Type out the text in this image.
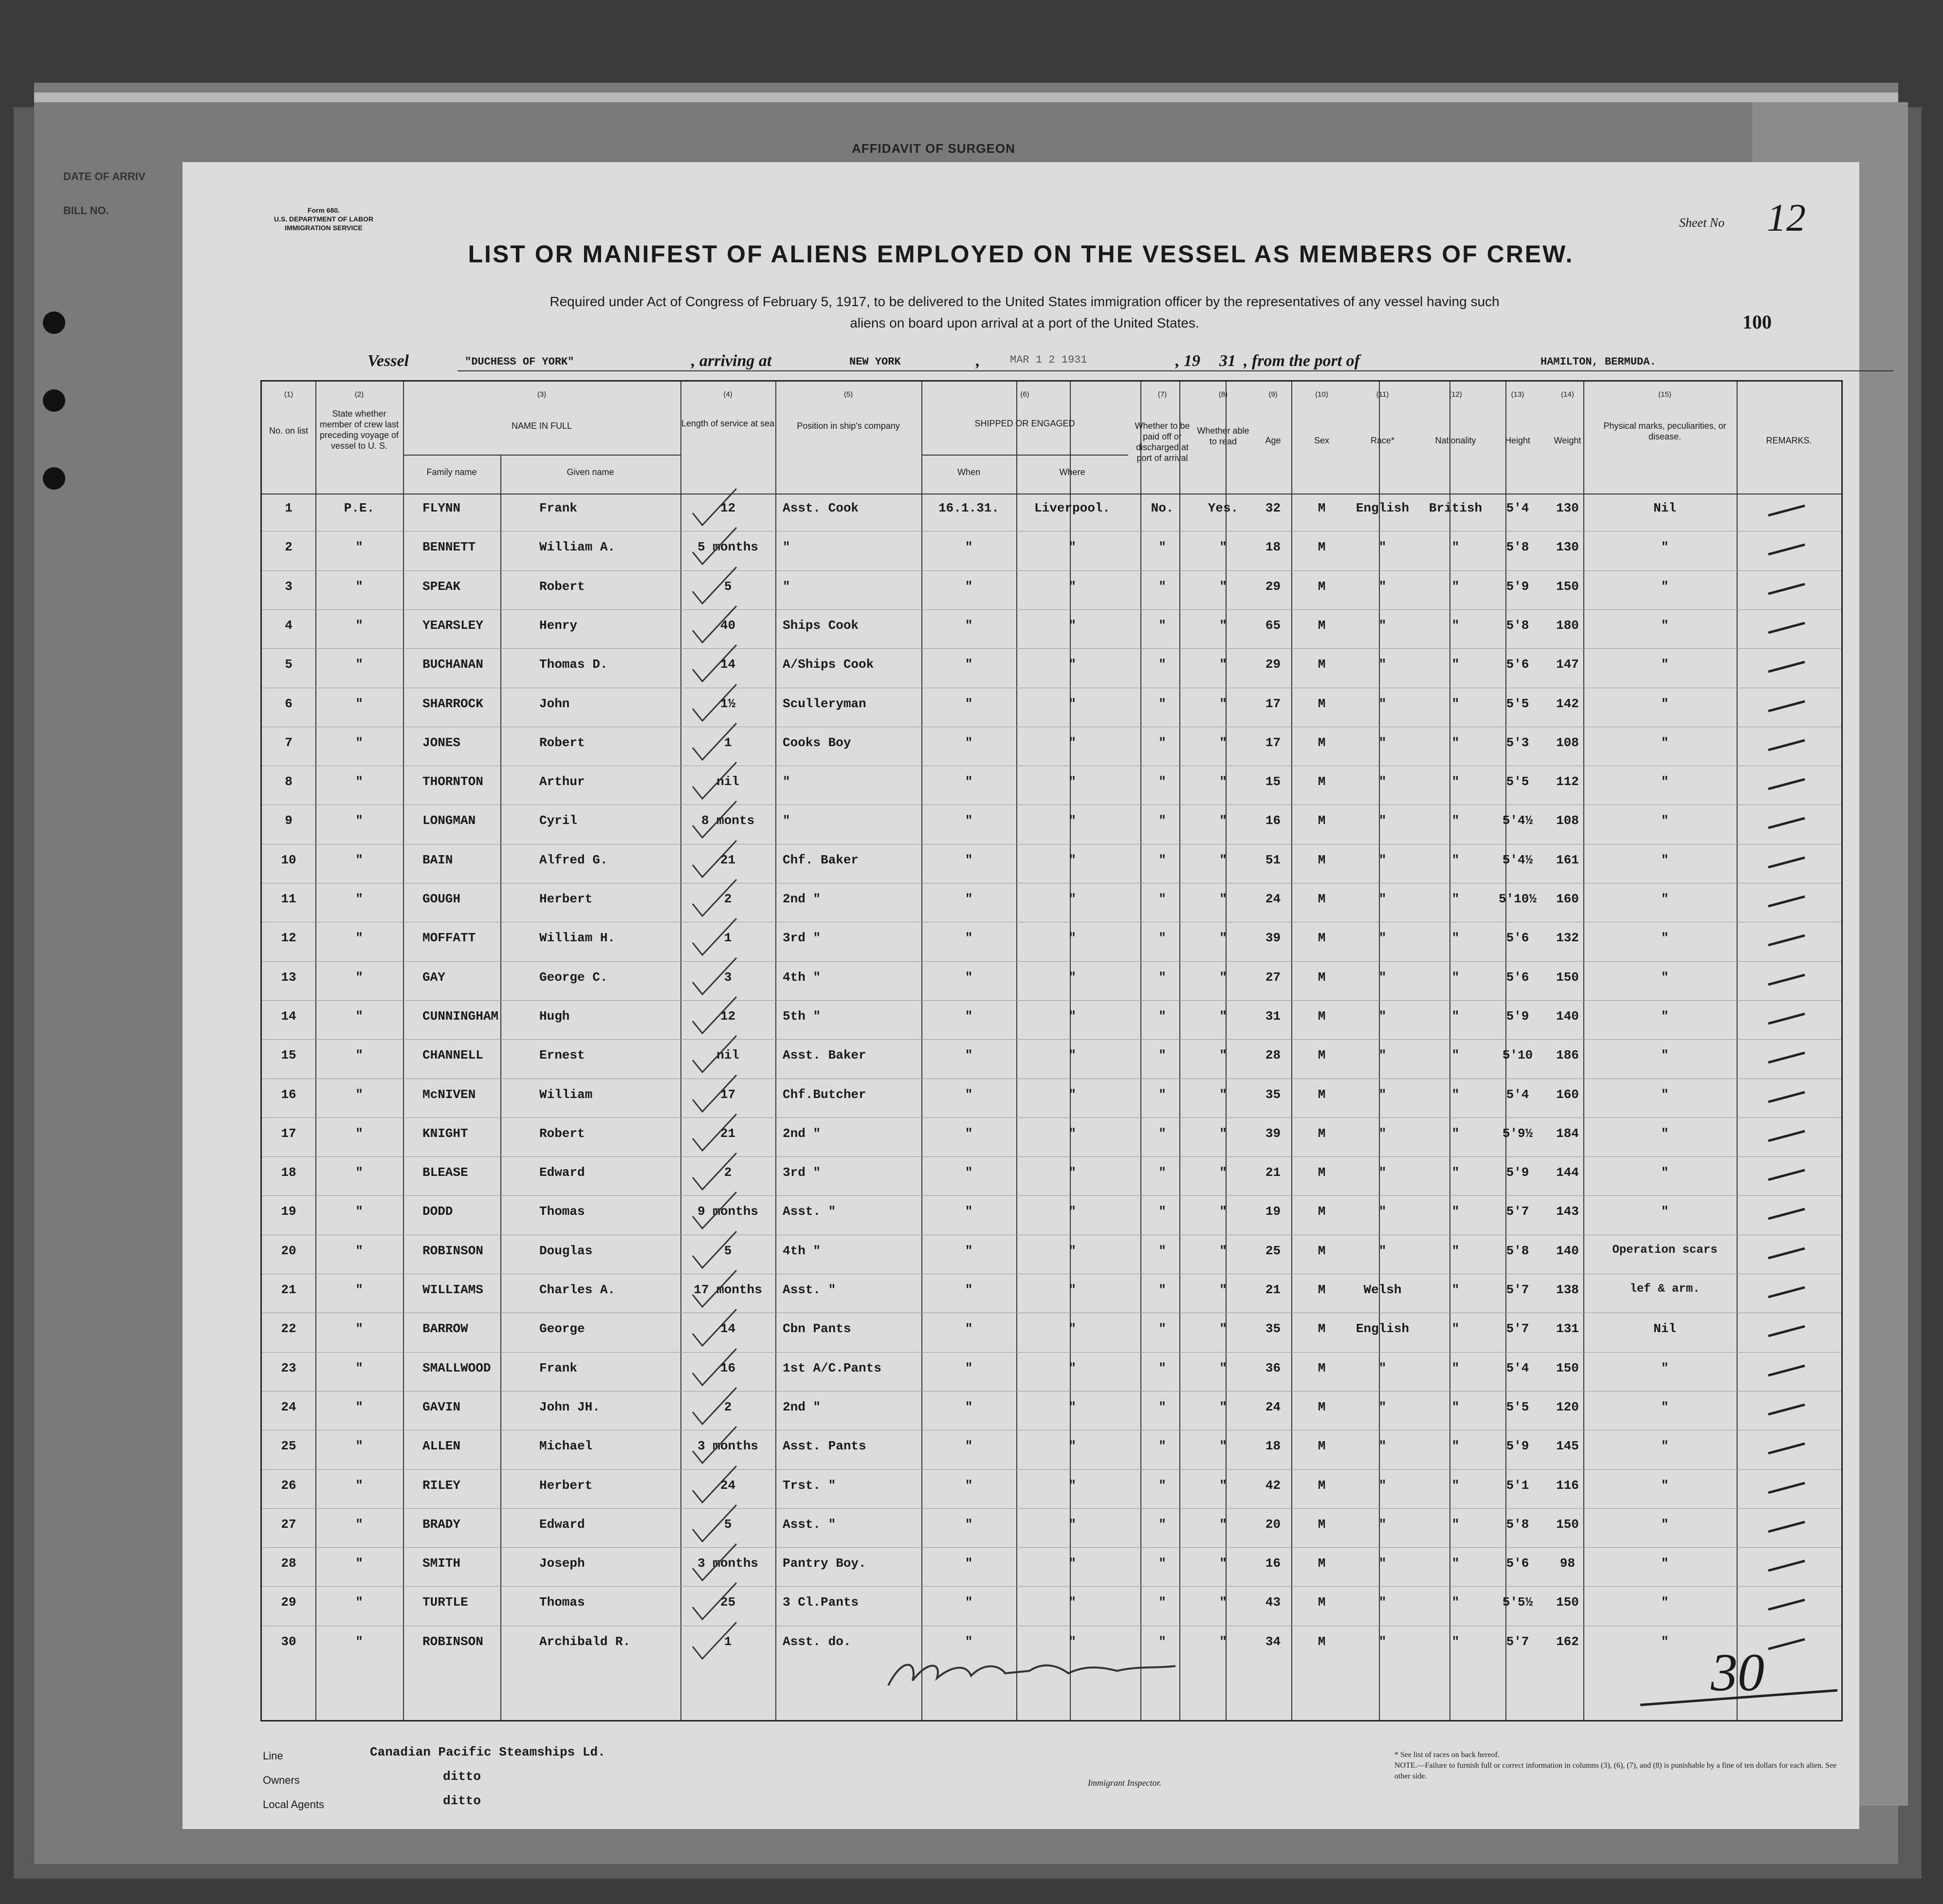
AFFIDAVIT OF SURGEON
DATE OF ARRIV
BILL NO.	Form 680.
U.S. DEPARTMENT OF LABOR
IMMIGRATION SERVICE	Sheet No 12
LIST OR MANIFEST OF ALIENS EMPLOYED ON THE VESSEL AS MEMBERS OF CREW.
Required under Act of Congress of February 5, 1917, to be delivered to the United States immigration officer by the representatives of any vessel having such
aliens on board upon arrival at a port of the United States.	100
Vessel	"DUCHESS OF YORK"	, arriving at	NEW YORK	,	MAR 1 2 1931	, 19 31 , from the port of	HAMILTON, BERMUDA.
(1)	(2)	(3)	(4)	(5)	(6)	(7)	(8)	(9)	(10)	(11)	(12)	(13)	(14)	(15)
No. on list
State whether member of crew last preceding voyage of vessel to U. S.
NAME IN FULL
Family name	Given name
Length of service at sea	Position in ship's company	SHIPPED OR ENGAGED
When	Where
Whether to be paid off or discharged at port of arrival
Whether able to read	Age	Sex	Race*	Nationality	Height	Weight
Physical marks, peculiarities, or disease.	REMARKS.
1	P.E.	FLYNN	Frank	12	Asst. Cook	16.1.31.	Liverpool.	No.	Yes.	32	M	English	British	5'4	130	Nil
2	"	BENNETT	William A.	5 months	"	"	"	"	"	18	M	"	"	5'8	130	"
3	"	SPEAK	Robert	5	"	"	"	"	"	29	M	"	"	5'9	150	"
4	"	YEARSLEY	Henry	40	Ships Cook	"	"	"	"	65	M	"	"	5'8	180	"
5	"	BUCHANAN	Thomas D.	14	A/Ships Cook	"	"	"	"	29	M	"	"	5'6	147	"
6	"	SHARROCK	John	1½	Sculleryman	"	"	"	"	17	M	"	"	5'5	142	"
7	"	JONES	Robert	1	Cooks Boy	"	"	"	"	17	M	"	"	5'3	108	"
8	"	THORNTON	Arthur	nil	"	"	"	"	"	15	M	"	"	5'5	112	"
9	"	LONGMAN	Cyril	8 monts	"	"	"	"	"	16	M	"	"	5'4½	108	"
10	"	BAIN	Alfred G.	21	Chf. Baker	"	"	"	"	51	M	"	"	5'4½	161	"
11	"	GOUGH	Herbert	2	2nd "	"	"	"	"	24	M	"	"	5'10½	160	"
12	"	MOFFATT	William H.	1	3rd "	"	"	"	"	39	M	"	"	5'6	132	"
13	"	GAY	George C.	3	4th "	"	"	"	"	27	M	"	"	5'6	150	"
14	"	CUNNINGHAM	Hugh	12	5th "	"	"	"	"	31	M	"	"	5'9	140	"
15	"	CHANNELL	Ernest	nil	Asst. Baker	"	"	"	"	28	M	"	"	5'10	186	"
16	"	McNIVEN	William	17	Chf.Butcher	"	"	"	"	35	M	"	"	5'4	160	"
17	"	KNIGHT	Robert	21	2nd "	"	"	"	"	39	M	"	"	5'9½	184	"
18	"	BLEASE	Edward	2	3rd "	"	"	"	"	21	M	"	"	5'9	144	"
19	"	DODD	Thomas	9 months	Asst. "	"	"	"	"	19	M	"	"	5'7	143	"
20	"	ROBINSON	Douglas	5	4th "	"	"	"	"	25	M	"	"	5'8	140	Operation scars
21	"	WILLIAMS	Charles A.	17 months	Asst. "	"	"	"	"	21	M	Welsh	"	5'7	138	lef & arm.
22	"	BARROW	George	14	Cbn Pants	"	"	"	"	35	M	English	"	5'7	131	Nil
23	"	SMALLWOOD	Frank	16	1st A/C.Pants	"	"	"	"	36	M	"	"	5'4	150	"
24	"	GAVIN	John JH.	2	2nd "	"	"	"	"	24	M	"	"	5'5	120	"
25	"	ALLEN	Michael	3 months	Asst. Pants	"	"	"	"	18	M	"	"	5'9	145	"
26	"	RILEY	Herbert	24	Trst. "	"	"	"	"	42	M	"	"	5'1	116	"
27	"	BRADY	Edward	5	Asst. "	"	"	"	"	20	M	"	"	5'8	150	"
28	"	SMITH	Joseph	3 months	Pantry Boy.	"	"	"	"	16	M	"	"	5'6	98	"
29	"	TURTLE	Thomas	25	3 Cl.Pants	"	"	"	"	43	M	"	"	5'5½	150	"
30	"	ROBINSON	Archibald R.	1	Asst. do.	"	"	"	"	34	M	"	"	5'7	162	"
30
Line	Canadian Pacific Steamships Ld.
Owners	ditto
Local Agents	ditto
Immigrant Inspector.
* See list of races on back hereof.
NOTE.—Failure to furnish full or correct information in columns (3), (6), (7), and (8) is punishable by a fine of ten dollars for each alien. See other side.
